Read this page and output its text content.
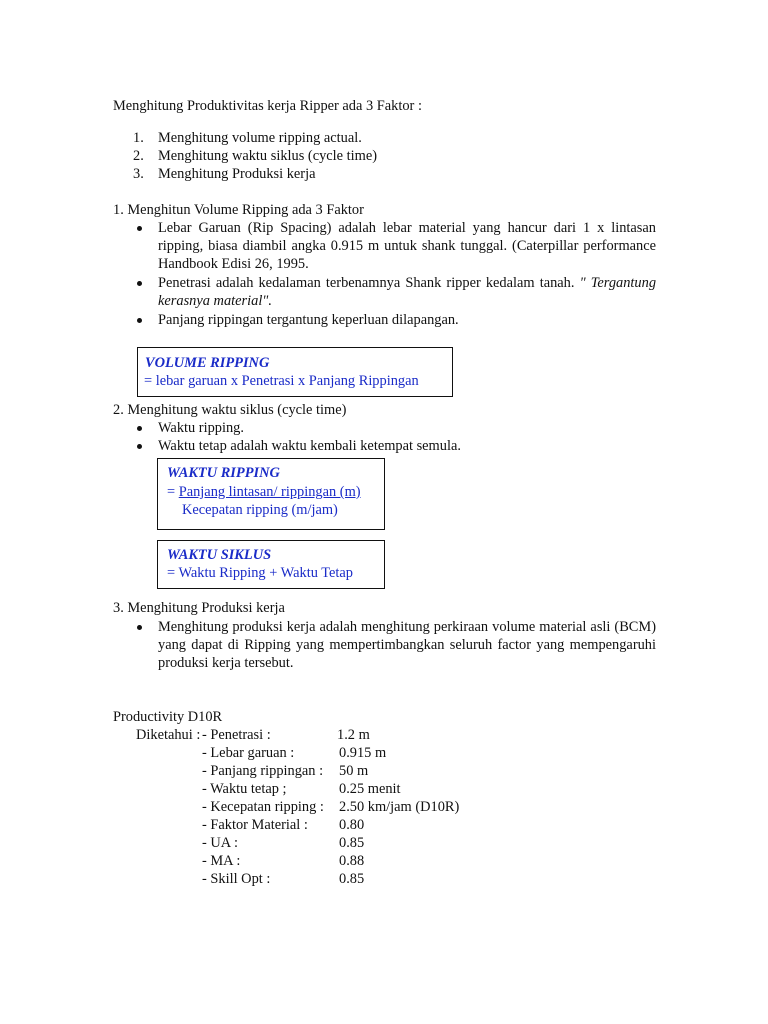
Menghitung Produktivitas kerja Ripper ada 3 Faktor :
1. Menghitung volume ripping actual.
2. Menghitung waktu siklus (cycle time)
3. Menghitung Produksi kerja
1. Menghitun Volume Ripping ada 3 Faktor
Lebar Garuan (Rip Spacing) adalah lebar material yang hancur dari 1 x lintasan ripping, biasa diambil angka 0.915 m untuk shank tunggal. (Caterpillar performance Handbook Edisi 26, 1995.
Penetrasi adalah kedalaman terbenamnya Shank ripper kedalam tanah. " Tergantung kerasnya material".
Panjang rippingan tergantung keperluan dilapangan.
VOLUME RIPPING
= lebar garuan x Penetrasi x Panjang Rippingan
2. Menghitung waktu siklus (cycle time)
Waktu ripping.
Waktu tetap adalah waktu kembali ketempat semula.
WAKTU RIPPING
= Panjang lintasan/ rippingan (m)
Kecepatan ripping (m/jam)
WAKTU SIKLUS
= Waktu Ripping + Waktu Tetap
3. Menghitung Produksi kerja
Menghitung produksi kerja adalah menghitung perkiraan volume material asli (BCM) yang dapat di Ripping yang mempertimbangkan seluruh factor yang mempengaruhi produksi kerja tersebut.
Productivity D10R
Diketahui : - Penetrasi :	1.2 m
- Lebar garuan :	0.915 m
- Panjang rippingan : 50 m
- Waktu tetap ;	0.25 menit
- Kecepatan ripping : 2.50 km/jam (D10R)
- Faktor Material : 0.80
- UA :	0.85
- MA :	0.88
- Skill Opt :	0.85
